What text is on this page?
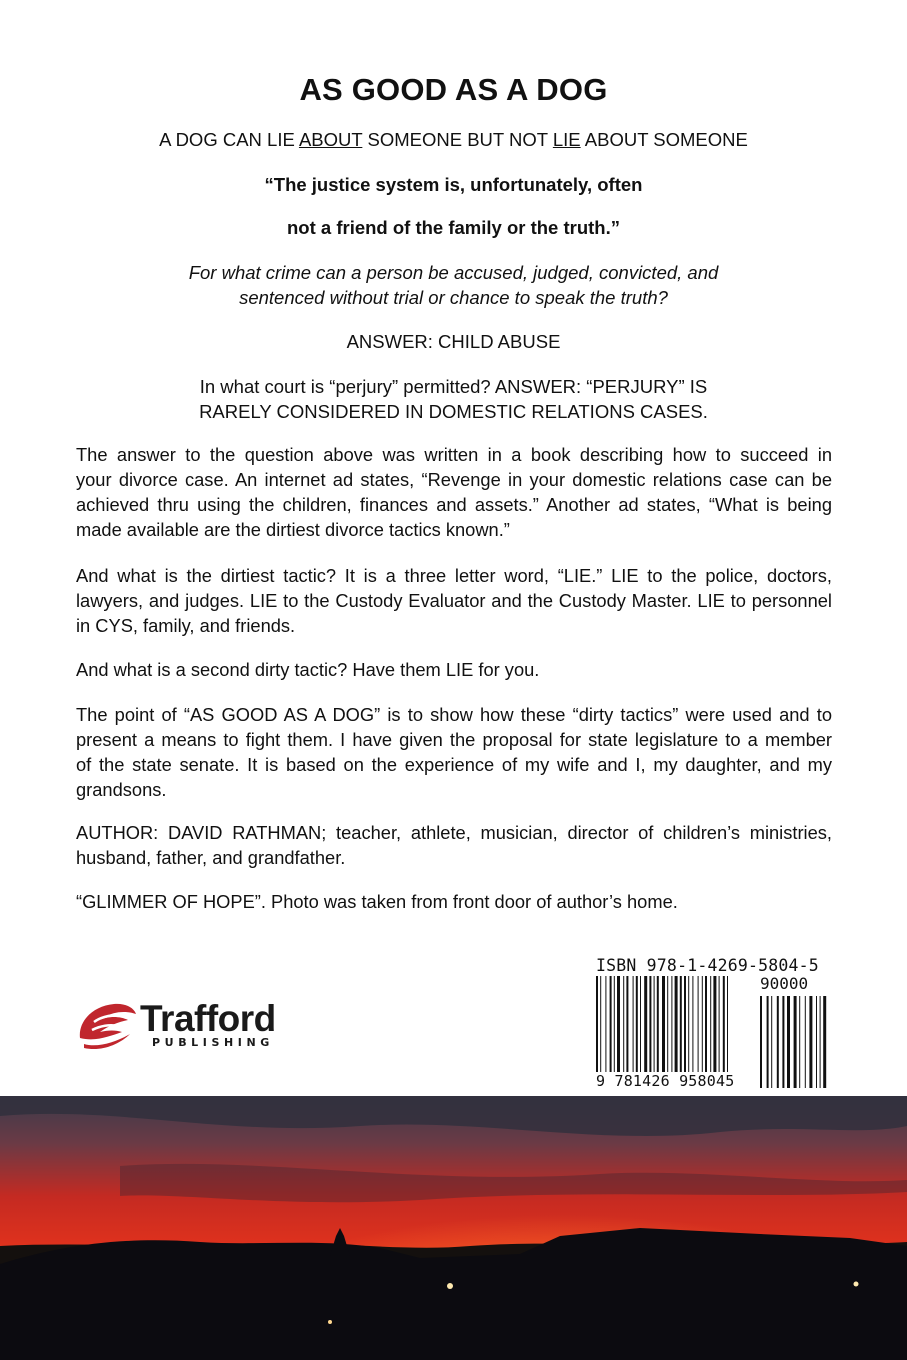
AS GOOD AS A DOG
A DOG CAN LIE ABOUT SOMEONE BUT NOT LIE ABOUT SOMEONE
“The justice system is, unfortunately, often
not a friend of the family or the truth.”
For what crime can a person be accused, judged, convicted, and
sentenced without trial or chance to speak the truth?
ANSWER: CHILD ABUSE
In what court is “perjury” permitted? ANSWER: “PERJURY” IS
RARELY CONSIDERED IN DOMESTIC RELATIONS CASES.
The answer to the question above was written in a book describing how to succeed in
your divorce case. An internet ad states, “Revenge in your domestic relations case can be
achieved thru using the children, finances and assets.” Another ad states, “What is being
made available are the dirtiest divorce tactics known.”
And what is the dirtiest tactic? It is a three letter word, “LIE.” LIE to the police, doctors,
lawyers, and judges. LIE to the Custody Evaluator and the Custody Master. LIE to personnel
in CYS, family, and friends.
And what is a second dirty tactic? Have them LIE for you.
The point of “AS GOOD AS A DOG” is to show how these “dirty tactics” were used and to
present a means to fight them. I have given the proposal for state legislature to a member
of the state senate. It is based on the experience of my wife and I, my daughter, and my
grandsons.
AUTHOR: DAVID RATHMAN; teacher, athlete, musician, director of children’s ministries,
husband, father, and grandfather.
“GLIMMER OF HOPE”. Photo was taken from front door of author’s home.
Trafford
PUBLISHING
ISBN 978-1-4269-5804-5
90000
9 781426 958045
